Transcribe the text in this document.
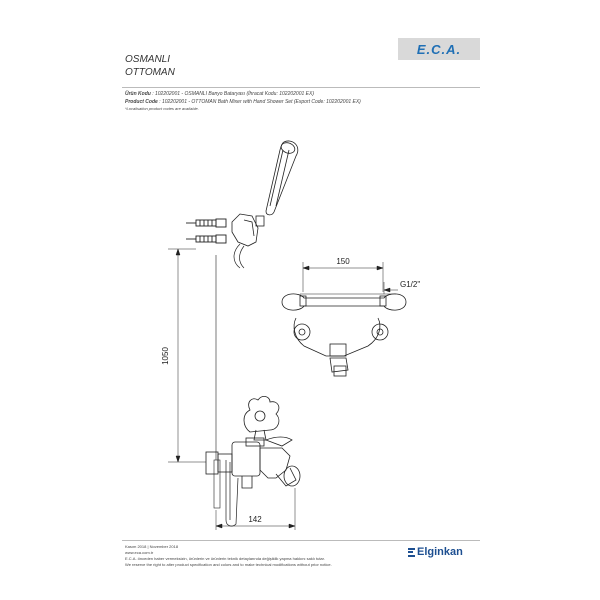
OSMANLI
OTTOMAN
E.C.A.
Ürün Kodu : 102202001 - OSMANLI Banyo Bataryası (İhracat Kodu: 102202001 EX)
Product Code : 102202001 - OTTOMAN Bath Mixer with Hand Shower Set (Export Code: 102202001 EX)
*Localisation product codes are available.
1050
142
150
G1/2"
Kasım 2018 | November 2018
www.eca.com.tr
E.C.A. önceden haber vermeksizin, ürünlerin ve ürünlerin teknik detaylarında değişiklik yapma hakkını saklı tutar.
We reserve the right to alter product specification and colors and to make technical modifications without prior notice.
Elginkan
